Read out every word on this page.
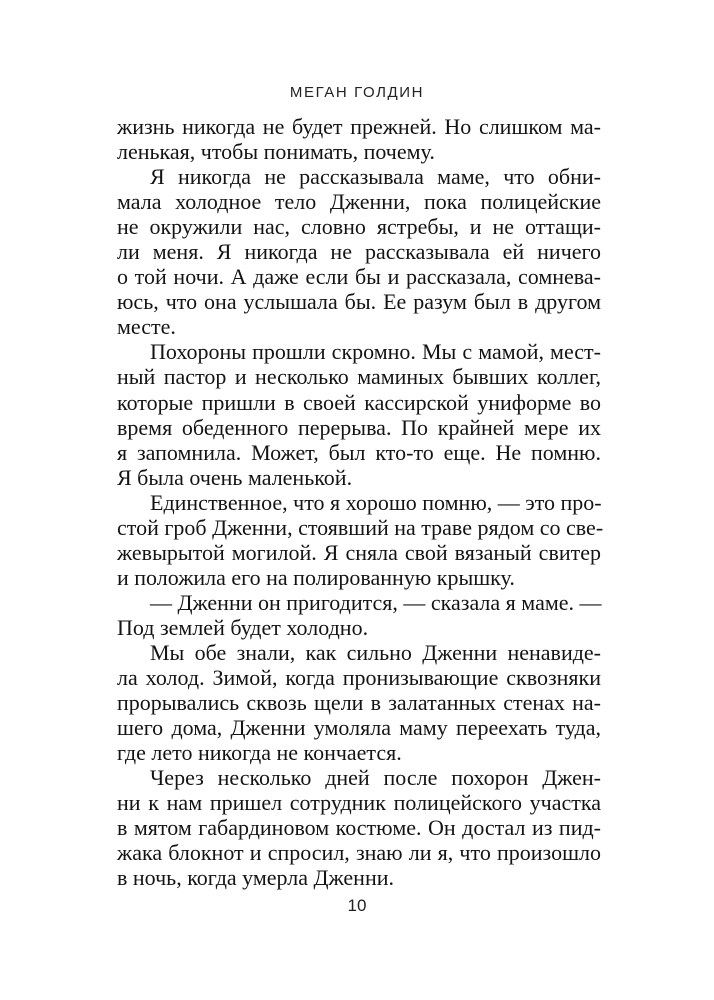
МЕГАН ГОЛДИН

жизнь никогда не будет прежней. Но слишком ма-
ленькая, чтобы понимать, почему.

Я никогда не рассказывала маме, что обни-
мала холодное тело Дженни, пока полицейские
не окружили нас, словно ястребы, и не оттащи-
ли меня. Я никогда не рассказывала ей ничего
о той ночи. А даже если бы и рассказала, сомнева-
юсь, что она услышала бы. Ее разум был в другом
месте.

Похороны прошли скромно. Мы с мамой, мест-
ный пастор и несколько маминых бывших коллег,
которые пришли в своей кассирской униформе во
время обеденного перерыва. По крайней мере их
я запомнила. Может, был кто-то еще. Не помню.
Я была очень маленькой.

Единственное, что я хорошо помню, — это про-
стой гроб Дженни, стоявший на траве рядом со све-
жевырытой могилой. Я сняла свой вязаный свитер
и положила его на полированную крышку.

— Дженни он пригодится, — сказала я маме. —
Под землей будет холодно.

Мы обе знали, как сильно Дженни ненавиде-
ла холод. Зимой, когда пронизывающие сквозняки
прорывались сквозь щели в залатанных стенах на-
шего дома, Дженни умоляла маму переехать туда,
где лето никогда не кончается.

Через несколько дней после похорон Джен-
ни к нам пришел сотрудник полицейского участка
в мятом габардиновом костюме. Он достал из пид-
жака блокнот и спросил, знаю ли я, что произошло
в ночь, когда умерла Дженни.

10
